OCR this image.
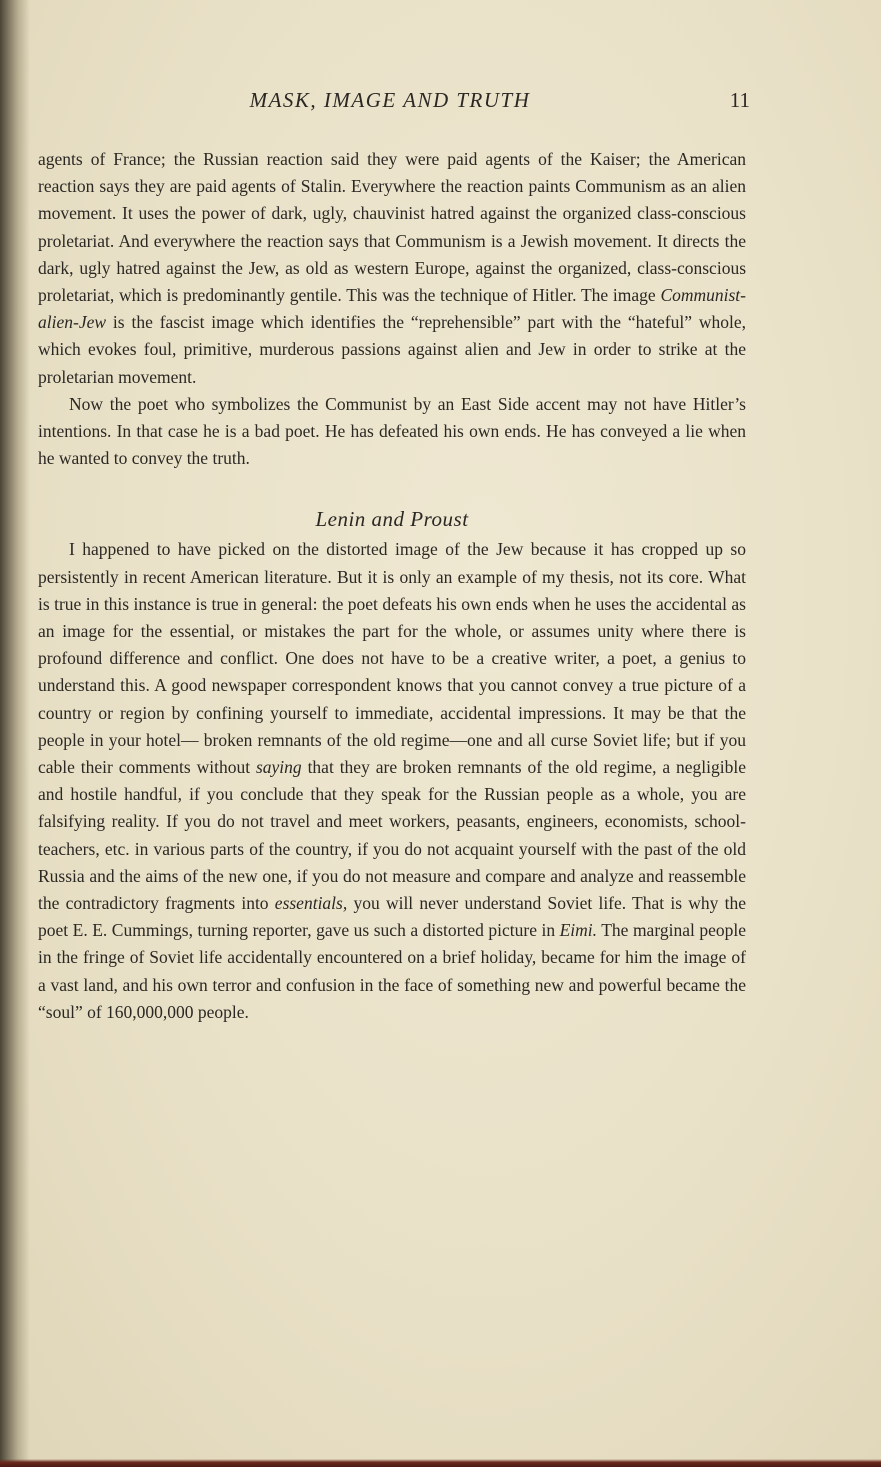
MASK, IMAGE AND TRUTH	11

agents of France; the Russian reaction said they were paid agents of the Kaiser; the American reaction says they are paid agents of Stalin. Everywhere the reaction paints Communism as an alien movement. It uses the power of dark, ugly, chauvinist hatred against the organized class-conscious proletariat. And everywhere the reaction says that Communism is a Jewish movement. It directs the dark, ugly hatred against the Jew, as old as western Europe, against the organized, class-conscious proletariat, which is predominantly gentile. This was the technique of Hitler. The image Communist-alien-Jew is the fascist image which identifies the “reprehensible” part with the “hateful” whole, which evokes foul, primitive, murderous passions against alien and Jew in order to strike at the proletarian movement.

Now the poet who symbolizes the Communist by an East Side accent may not have Hitler’s intentions. In that case he is a bad poet. He has defeated his own ends. He has conveyed a lie when he wanted to convey the truth.

Lenin and Proust

I happened to have picked on the distorted image of the Jew because it has cropped up so persistently in recent American literature. But it is only an example of my thesis, not its core. What is true in this instance is true in general: the poet defeats his own ends when he uses the accidental as an image for the essential, or mistakes the part for the whole, or assumes unity where there is profound difference and conflict. One does not have to be a creative writer, a poet, a genius to understand this. A good newspaper correspondent knows that you cannot convey a true picture of a country or region by confining yourself to immediate, accidental impressions. It may be that the people in your hotel— broken remnants of the old regime—one and all curse Soviet life; but if you cable their comments without saying that they are broken remnants of the old regime, a negligible and hostile handful, if you conclude that they speak for the Russian people as a whole, you are falsifying reality. If you do not travel and meet workers, peasants, engineers, economists, school-teachers, etc. in various parts of the country, if you do not acquaint yourself with the past of the old Russia and the aims of the new one, if you do not measure and compare and analyze and reassemble the contradictory fragments into essentials, you will never understand Soviet life. That is why the poet E. E. Cummings, turning reporter, gave us such a distorted picture in Eimi. The marginal people in the fringe of Soviet life accidentally encountered on a brief holiday, became for him the image of a vast land, and his own terror and confusion in the face of something new and powerful became the “soul” of 160,000,000 people.
